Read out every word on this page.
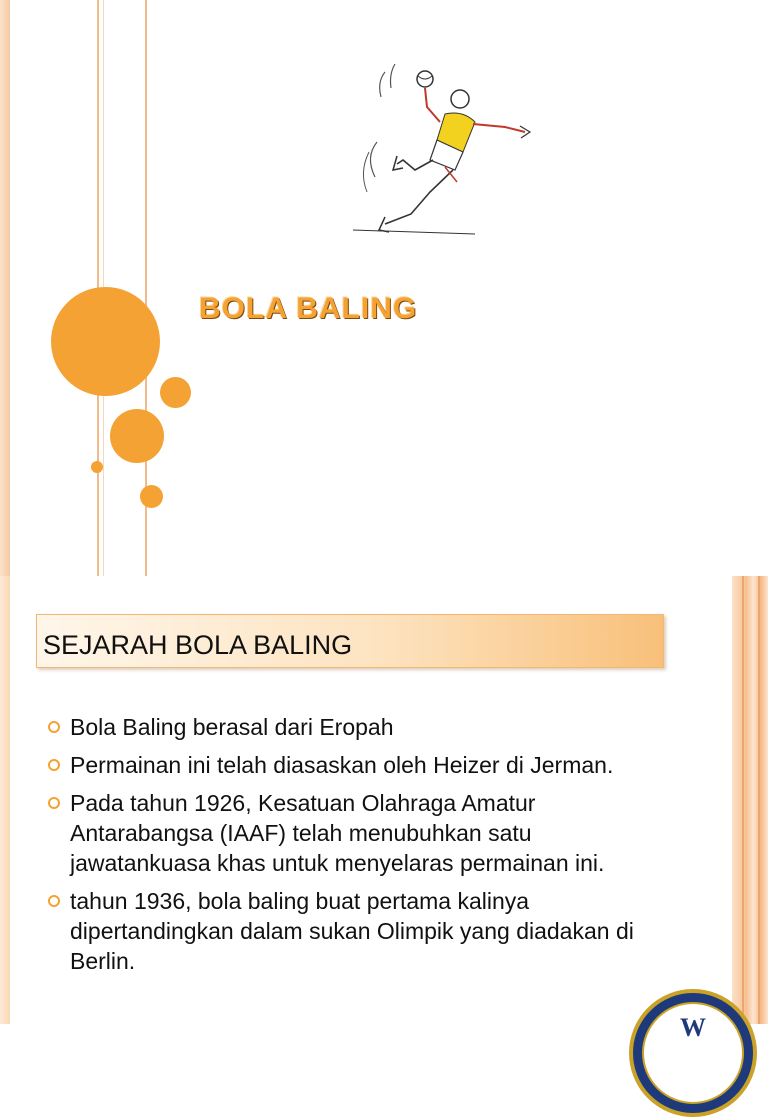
BOLA BALING
SEJARAH BOLA BALING
Bola Baling berasal dari Eropah
Permainan ini telah diasaskan oleh Heizer di Jerman.
Pada tahun 1926, Kesatuan Olahraga Amatur Antarabangsa (IAAF) telah menubuhkan satu jawatankuasa khas untuk menyelaras permainan ini.
tahun 1936, bola baling buat pertama kalinya dipertandingkan dalam sukan Olimpik yang diadakan di Berlin.
W
